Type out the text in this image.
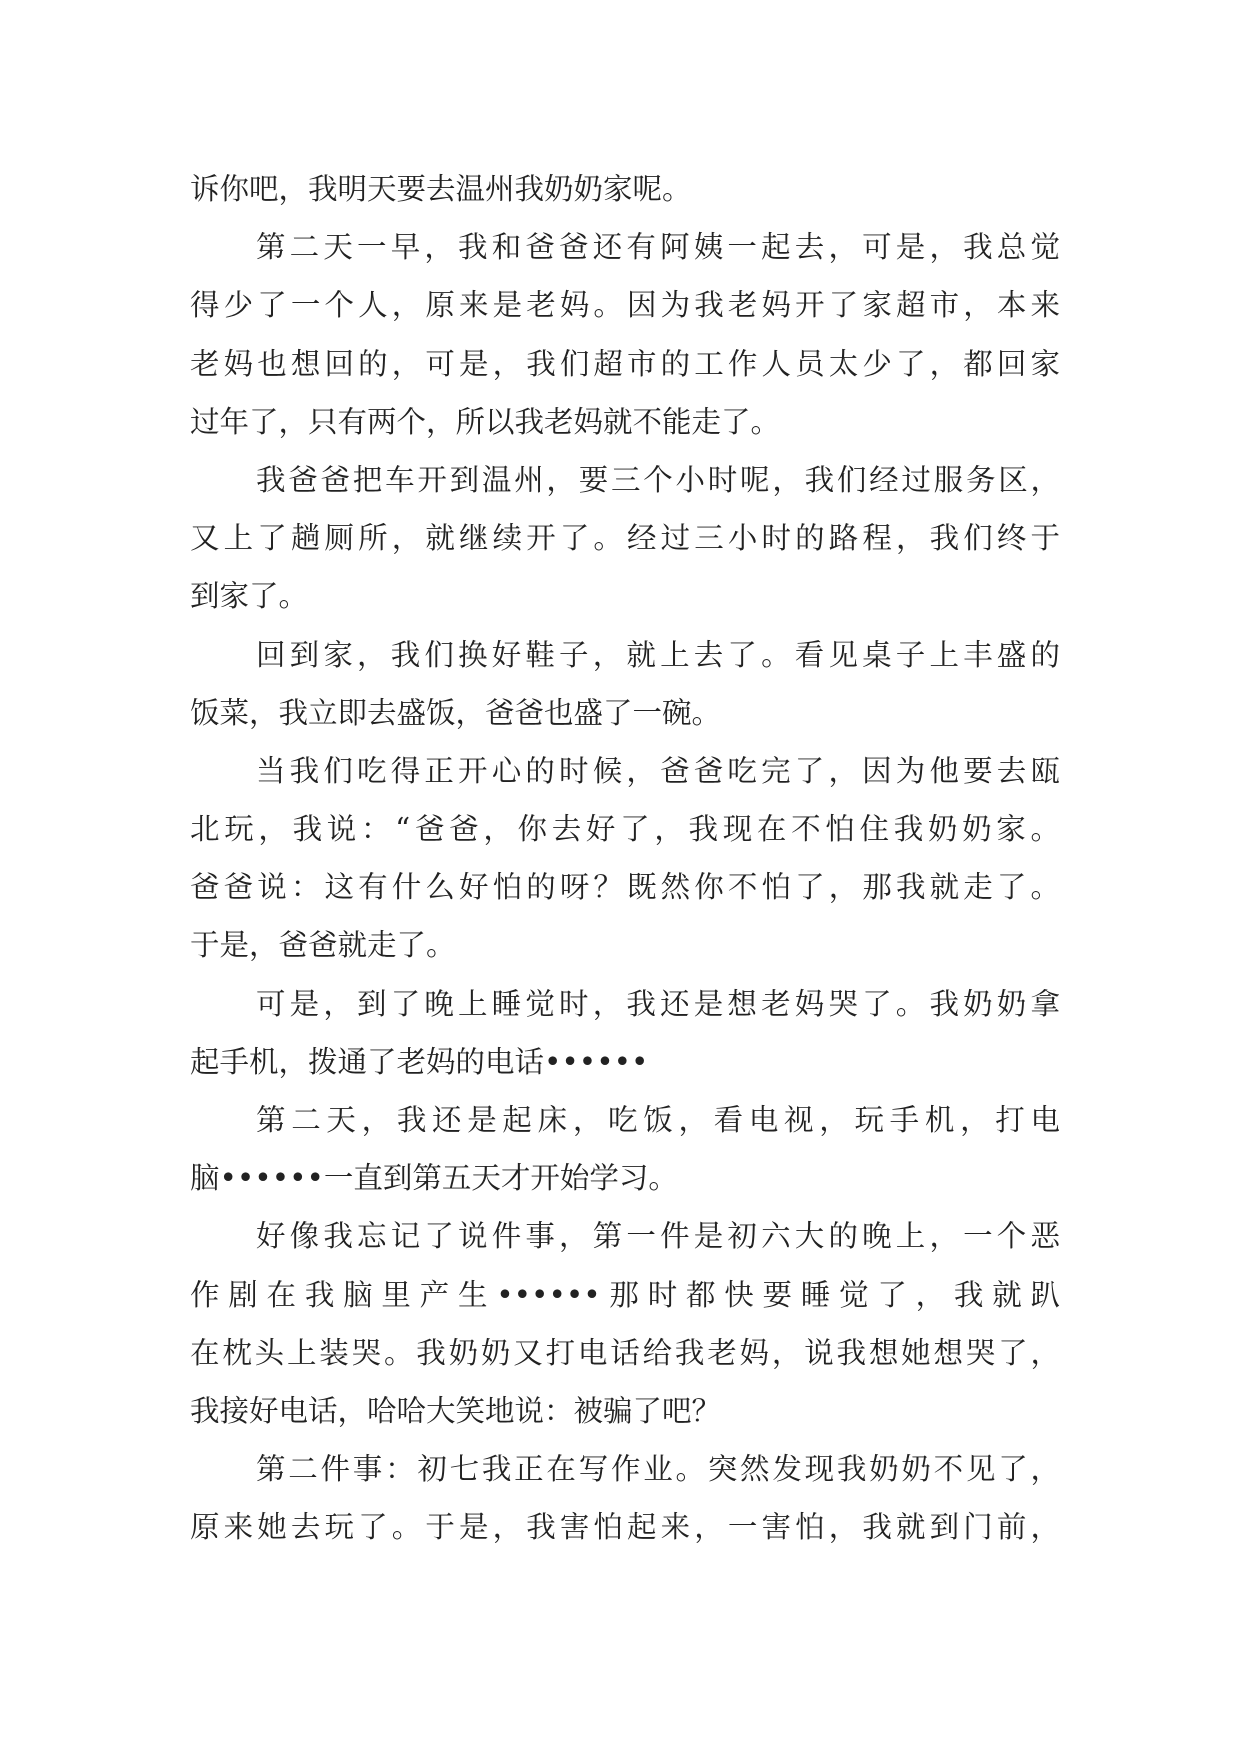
诉你吧，我明天要去温州我奶奶家呢。
第二天一早，我和爸爸还有阿姨一起去，可是，我总觉
得少了一个人，原来是老妈。因为我老妈开了家超市，本来
老妈也想回的，可是，我们超市的工作人员太少了，都回家
过年了，只有两个，所以我老妈就不能走了。
我爸爸把车开到温州，要三个小时呢，我们经过服务区，
又上了趟厕所，就继续开了。经过三小时的路程，我们终于
到家了。
回到家，我们换好鞋子，就上去了。看见桌子上丰盛的
饭菜，我立即去盛饭，爸爸也盛了一碗。
当我们吃得正开心的时候，爸爸吃完了，因为他要去瓯
北玩，我说：“爸爸，你去好了，我现在不怕住我奶奶家。
爸爸说：这有什么好怕的呀？既然你不怕了，那我就走了。
于是，爸爸就走了。
可是，到了晚上睡觉时，我还是想老妈哭了。我奶奶拿
起手机，拨通了老妈的电话••••••
第二天，我还是起床，吃饭，看电视，玩手机，打电
脑••••••一直到第五天才开始学习。
好像我忘记了说件事，第一件是初六大的晚上，一个恶
作剧在我脑里产生••••••那时都快要睡觉了，我就趴
在枕头上装哭。我奶奶又打电话给我老妈，说我想她想哭了，
我接好电话，哈哈大笑地说：被骗了吧？
第二件事：初七我正在写作业。突然发现我奶奶不见了，
原来她去玩了。于是，我害怕起来，一害怕，我就到门前，
